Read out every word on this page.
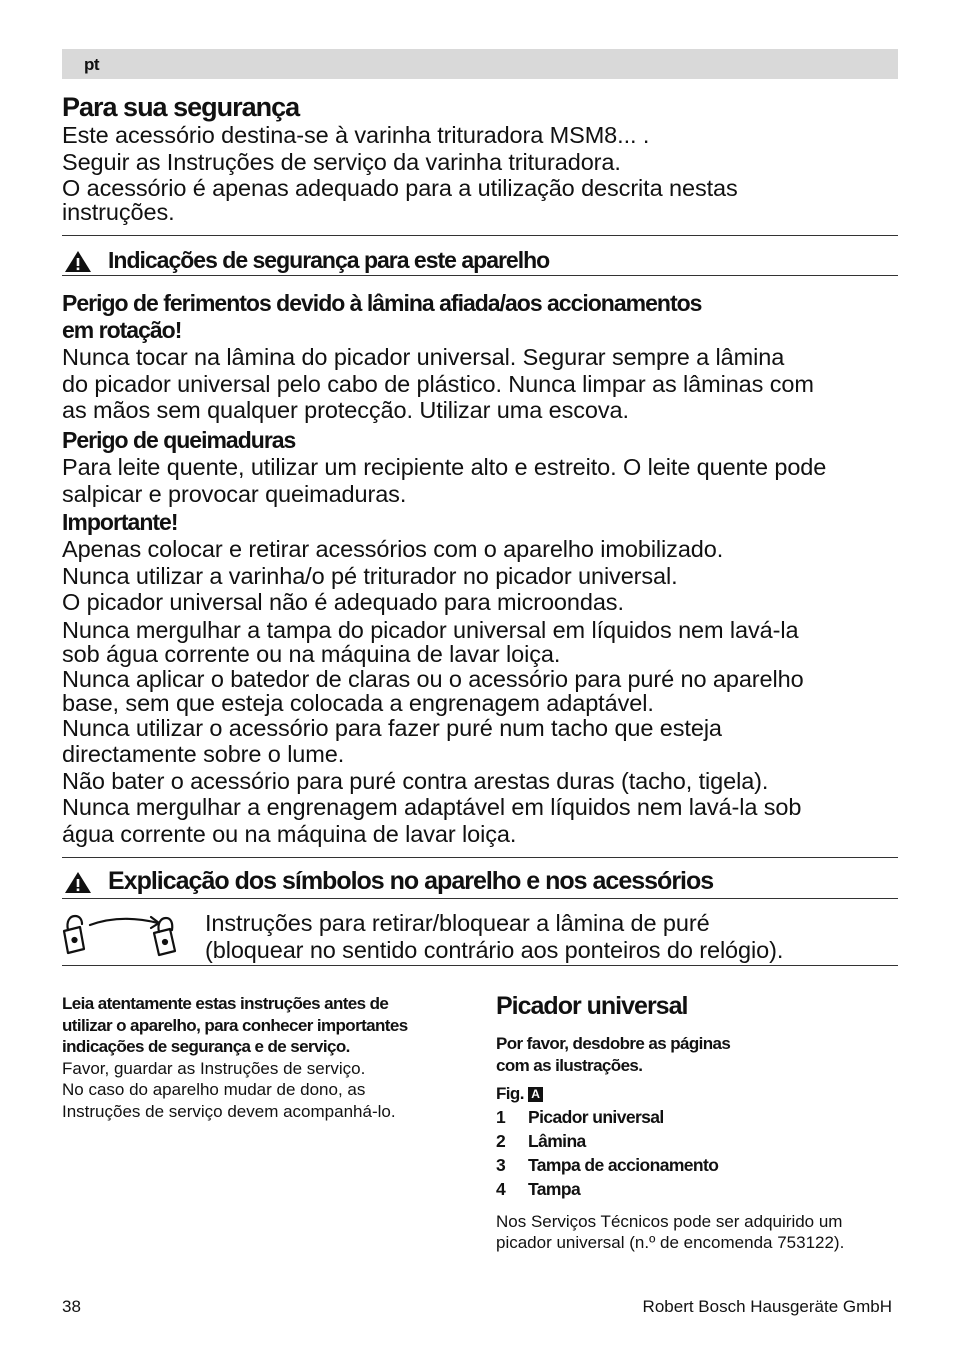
pt
Para sua segurança
Este acessório destina-se à varinha trituradora MSM8... .
Seguir as Instruções de serviço da varinha trituradora.
O acessório é apenas adequado para a utilização descrita nestas
instruções.
Indicações de segurança para este aparelho
Perigo de ferimentos devido à lâmina afiada/aos accionamentos
em rotação!
Nunca tocar na lâmina do picador universal. Segurar sempre a lâmina
do picador universal pelo cabo de plástico. Nunca limpar as lâminas com
as mãos sem qualquer protecção. Utilizar uma escova.
Perigo de queimaduras
Para leite quente, utilizar um recipiente alto e estreito. O leite quente pode
salpicar e provocar queimaduras.
Importante!
Apenas colocar e retirar acessórios com o aparelho imobilizado.
Nunca utilizar a varinha/o pé triturador no picador universal.
O picador universal não é adequado para microondas.
Nunca mergulhar a tampa do picador universal em líquidos nem lavá-la
sob água corrente ou na máquina de lavar loiça.
Nunca aplicar o batedor de claras ou o acessório para puré no aparelho
base, sem que esteja colocada a engrenagem adaptável.
Nunca utilizar o acessório para fazer puré num tacho que esteja
directamente sobre o lume.
Não bater o acessório para puré contra arestas duras (tacho, tigela).
Nunca mergulhar a engrenagem adaptável em líquidos nem lavá-la sob
água corrente ou na máquina de lavar loiça.
Explicação dos símbolos no aparelho e nos acessórios
Instruções para retirar/bloquear a lâmina de puré
(bloquear no sentido contrário aos ponteiros do relógio).
Leia atentamente estas instruções antes de
utilizar o aparelho, para conhecer importantes
indicações de segurança e de serviço.
Favor, guardar as Instruções de serviço.
No caso do aparelho mudar de dono, as
Instruções de serviço devem acompanhá-lo.
Picador universal
Por favor, desdobre as páginas
com as ilustrações.
Fig. A
1 Picador universal
2 Lâmina
3 Tampa de accionamento
4 Tampa
Nos Serviços Técnicos pode ser adquirido um
picador universal (n.º de encomenda 753122).
38	Robert Bosch Hausgeräte GmbH
